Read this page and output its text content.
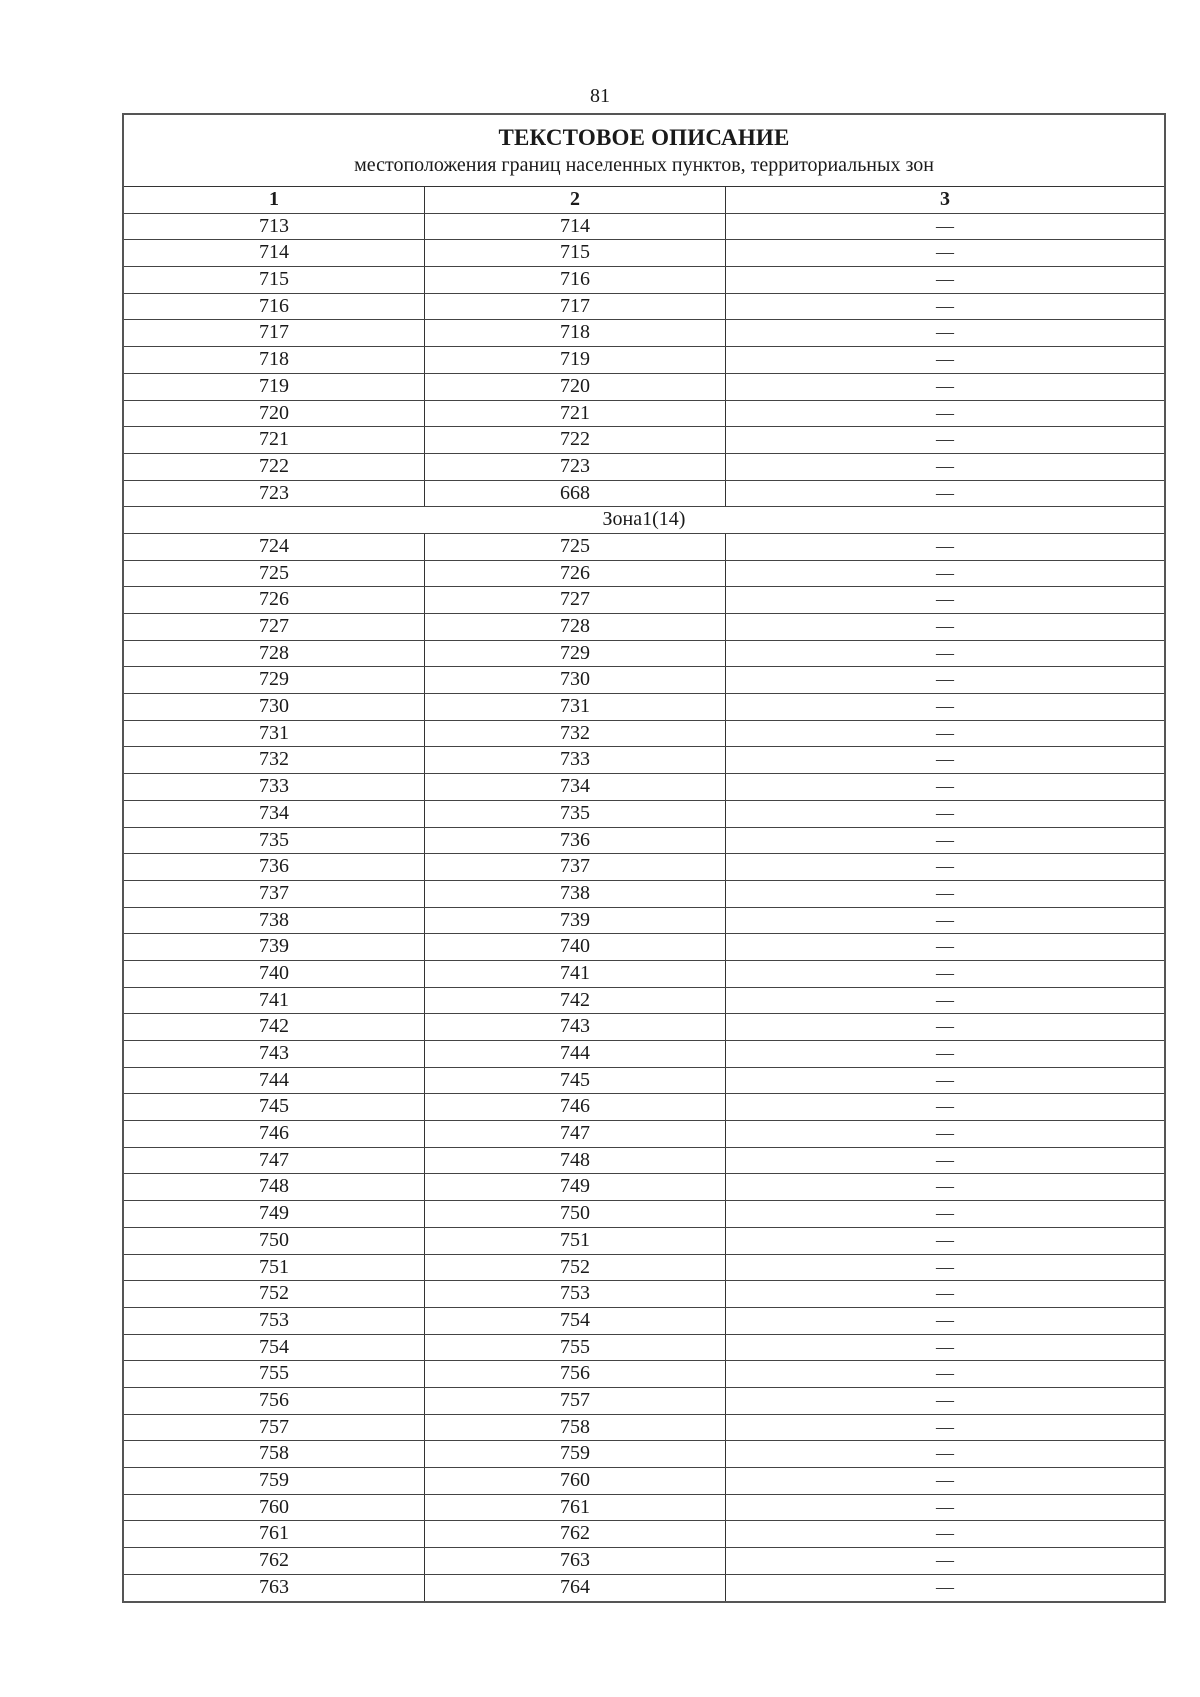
81
ТЕКСТОВОЕ ОПИСАНИЕ
местоположения границ населенных пунктов, территориальных зон
1	2	3
713	714	—
714	715	—
715	716	—
716	717	—
717	718	—
718	719	—
719	720	—
720	721	—
721	722	—
722	723	—
723	668	—
Зона1(14)
724	725	—
725	726	—
726	727	—
727	728	—
728	729	—
729	730	—
730	731	—
731	732	—
732	733	—
733	734	—
734	735	—
735	736	—
736	737	—
737	738	—
738	739	—
739	740	—
740	741	—
741	742	—
742	743	—
743	744	—
744	745	—
745	746	—
746	747	—
747	748	—
748	749	—
749	750	—
750	751	—
751	752	—
752	753	—
753	754	—
754	755	—
755	756	—
756	757	—
757	758	—
758	759	—
759	760	—
760	761	—
761	762	—
762	763	—
763	764	—
